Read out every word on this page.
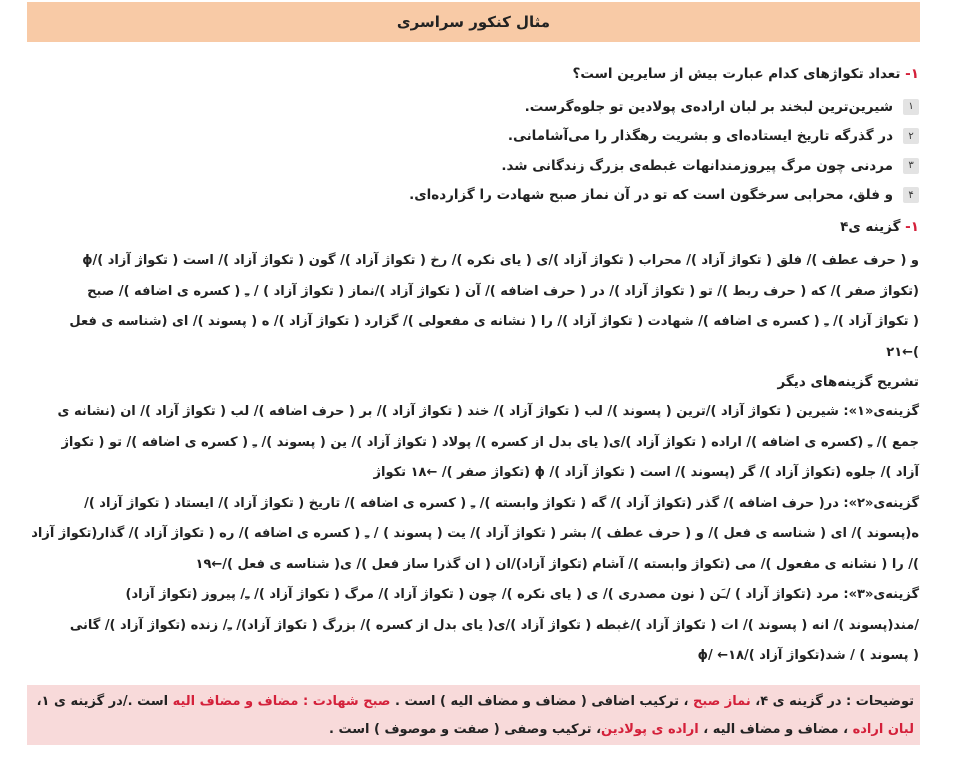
مثال کنکور سراسری
۱- تعداد تکواژهای کدام عبارت بیش از سایرین است؟
۱
شیرین‌ترین لبخند بر لبان اراده‌ی پولادین تو جلوه‌گرست.
۲
در گذرگه تاریخ ایستاده‌ای و بشریت رهگذار را می‌آشامانی.
۳
مردنی چون مرگ پیروزمندانهات غبطه‌ی بزرگ زندگانی شد.
۴
و فلق، محرابی سرخگون است که تو در آن نماز صبح شهادت را گزارده‌ای.
۱- گزینه ی۴
و ( حرف عطف )/ فلق ( تکواژ آزاد )/ محراب ( تکواژ آزاد )/ی ( یای نکره )/ رخ ( تکواژ آزاد )/ گون ( تکواژ آزاد )/ است ( تکواژ آزاد )/ϕ
(تکواژ صفر )/ که ( حرف ربط )/ تو ( تکواژ آزاد )/ در ( حرف اضافه )/ آن ( تکواژ آزاد )/نماز ( تکواژ آزاد ) / ـِ ( کسره ی اضافه )/ صبح
( تکواژ آزاد )/ ـِ ( کسره ی اضافه )/ شهادت ( تکواژ آزاد )/ را ( نشانه ی مفعولی )/ گزارد ( تکواژ آزاد )/ ه ( پسوند )/ ای (شناسه ی فعل
)←۲۱
تشریح گزینه‌های دیگر
گزینه‌ی«۱»: شیرین ( تکواژ آزاد )/ترین ( پسوند )/ لب ( تکواژ آزاد )/ خند ( تکواژ آزاد )/ بر ( حرف اضافه )/ لب ( تکواژ آزاد )/ ان (نشانه ی
جمع )/ ـِ (کسره ی اضافه )/ اراده ( تکواژ آزاد )/ی( یای بدل از کسره )/ پولاد ( تکواژ آزاد )/ ین ( پسوند )/ ـِ ( کسره ی اضافه )/ تو ( تکواژ
آزاد )/ جلوه (تکواژ آزاد )/ گر (پسوند )/ است ( تکواژ آزاد )/ ϕ (تکواژ صفر )/ ←۱۸ تکواژ
گزینه‌ی«۲»: در( حرف اضافه )/ گذر (تکواژ آزاد )/ گه ( تکواژ وابسته )/ ـِ ( کسره ی اضافه )/ تاریخ ( تکواژ آزاد )/ ایستاد ( تکواژ آزاد )/
ه(پسوند )/ ای ( شناسه ی فعل )/ و ( حرف عطف )/ بشر ( تکواژ آزاد )/ یت ( پسوند ) / ـِ ( کسره ی اضافه )/ ره ( تکواژ آزاد )/ گذار(تکواژ آزاد
)/ را ( نشانه ی مفعول )/ می (تکواژ وابسته )/ آشام (تکواژ آزاد)/ان ( ان گذرا ساز فعل )/ ی( شناسه ی فعل )/←۱۹
گزینه‌ی«۳»: مرد (تکواژ آزاد ) /ـَن ( نون مصدری )/ ی ( یای نکره )/ چون ( تکواژ آزاد )/ مرگ ( تکواژ آزاد )/ ـِ/ پیروز (تکواژ آزاد)
/مند(پسوند )/ انه ( پسوند )/ ات ( تکواژ آزاد )/غبطه ( تکواژ آزاد )/ی( یای بدل از کسره )/ بزرگ ( تکواژ آزاد)/ ـِ/ زنده (تکواژ آزاد )/ گانی
( پسوند ) / شد(تکواژ آزاد )/ϕ/ ←۱۸
توضیحات : در گزینه ی ۴، نماز صبح ، ترکیب اضافی ( مضاف و مضاف الیه ) است . صبح شهادت : مضاف و مضاف الیه است ./در گزینه ی ۱،
لبان اراده ، مضاف و مضاف الیه ، اراده ی پولادین، ترکیب وصفی ( صفت و موصوف ) است .
